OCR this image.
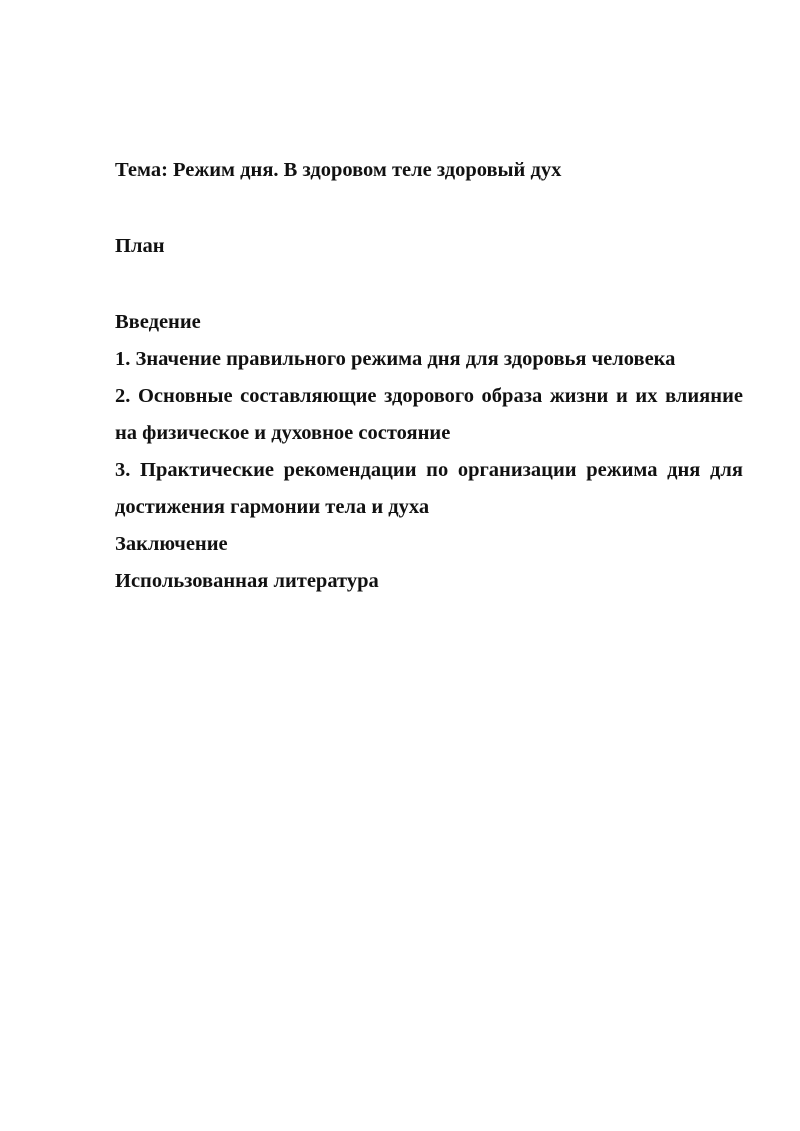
Тема: Режим дня. В здоровом теле здоровый дух
План
Введение
1. Значение правильного режима дня для здоровья человека
2. Основные составляющие здорового образа жизни и их влияние на физическое и духовное состояние
3. Практические рекомендации по организации режима дня для достижения гармонии тела и духа
Заключение
Использованная литература
